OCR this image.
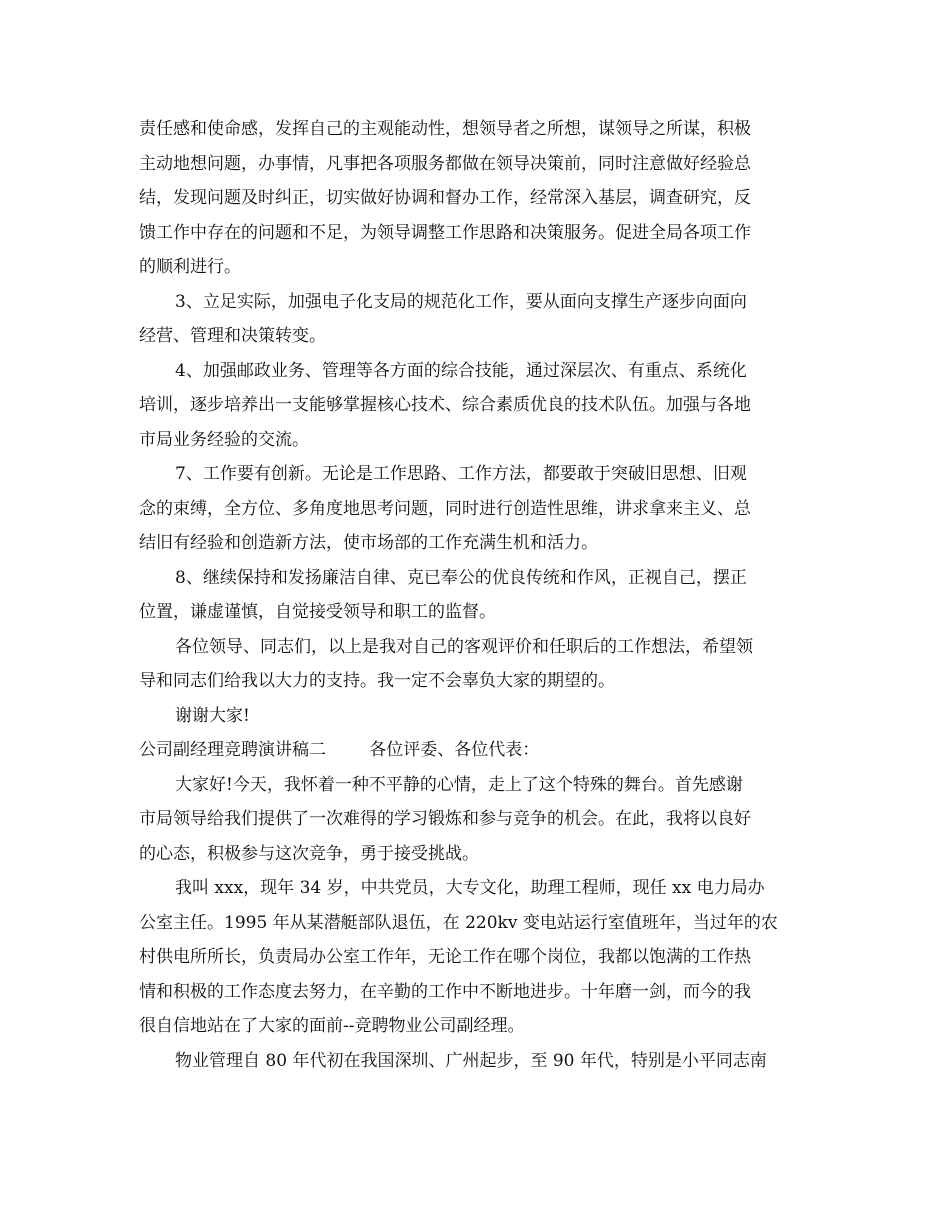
责任感和使命感，发挥自己的主观能动性，想领导者之所想，谋领导之所谋，积极
主动地想问题，办事情，凡事把各项服务都做在领导决策前，同时注意做好经验总
结，发现问题及时纠正，切实做好协调和督办工作，经常深入基层，调查研究，反
馈工作中存在的问题和不足，为领导调整工作思路和决策服务。促进全局各项工作
的顺利进行。

3、立足实际，加强电子化支局的规范化工作，要从面向支撑生产逐步向面向
经营、管理和决策转变。

4、加强邮政业务、管理等各方面的综合技能，通过深层次、有重点、系统化
培训，逐步培养出一支能够掌握核心技术、综合素质优良的技术队伍。加强与各地
市局业务经验的交流。

7、工作要有创新。无论是工作思路、工作方法，都要敢于突破旧思想、旧观
念的束缚，全方位、多角度地思考问题，同时进行创造性思维，讲求拿来主义、总
结旧有经验和创造新方法，使市场部的工作充满生机和活力。

8、继续保持和发扬廉洁自律、克已奉公的优良传统和作风，正视自己，摆正
位置，谦虚谨慎，自觉接受领导和职工的监督。

各位领导、同志们，以上是我对自己的客观评价和任职后的工作想法，希望领
导和同志们给我以大力的支持。我一定不会辜负大家的期望的。

谢谢大家!

公司副经理竞聘演讲稿二        各位评委、各位代表：

大家好!今天，我怀着一种不平静的心情，走上了这个特殊的舞台。首先感谢
市局领导给我们提供了一次难得的学习锻炼和参与竞争的机会。在此，我将以良好
的心态，积极参与这次竞争，勇于接受挑战。

我叫 xxx，现年 34 岁，中共党员，大专文化，助理工程师，现任 xx 电力局办
公室主任。1995 年从某潜艇部队退伍，在 220kv 变电站运行室值班年，当过年的农
村供电所所长，负责局办公室工作年，无论工作在哪个岗位，我都以饱满的工作热
情和积极的工作态度去努力，在辛勤的工作中不断地进步。十年磨一剑，而今的我
很自信地站在了大家的面前--竞聘物业公司副经理。

物业管理自 80 年代初在我国深圳、广州起步，至 90 年代，特别是小平同志南
